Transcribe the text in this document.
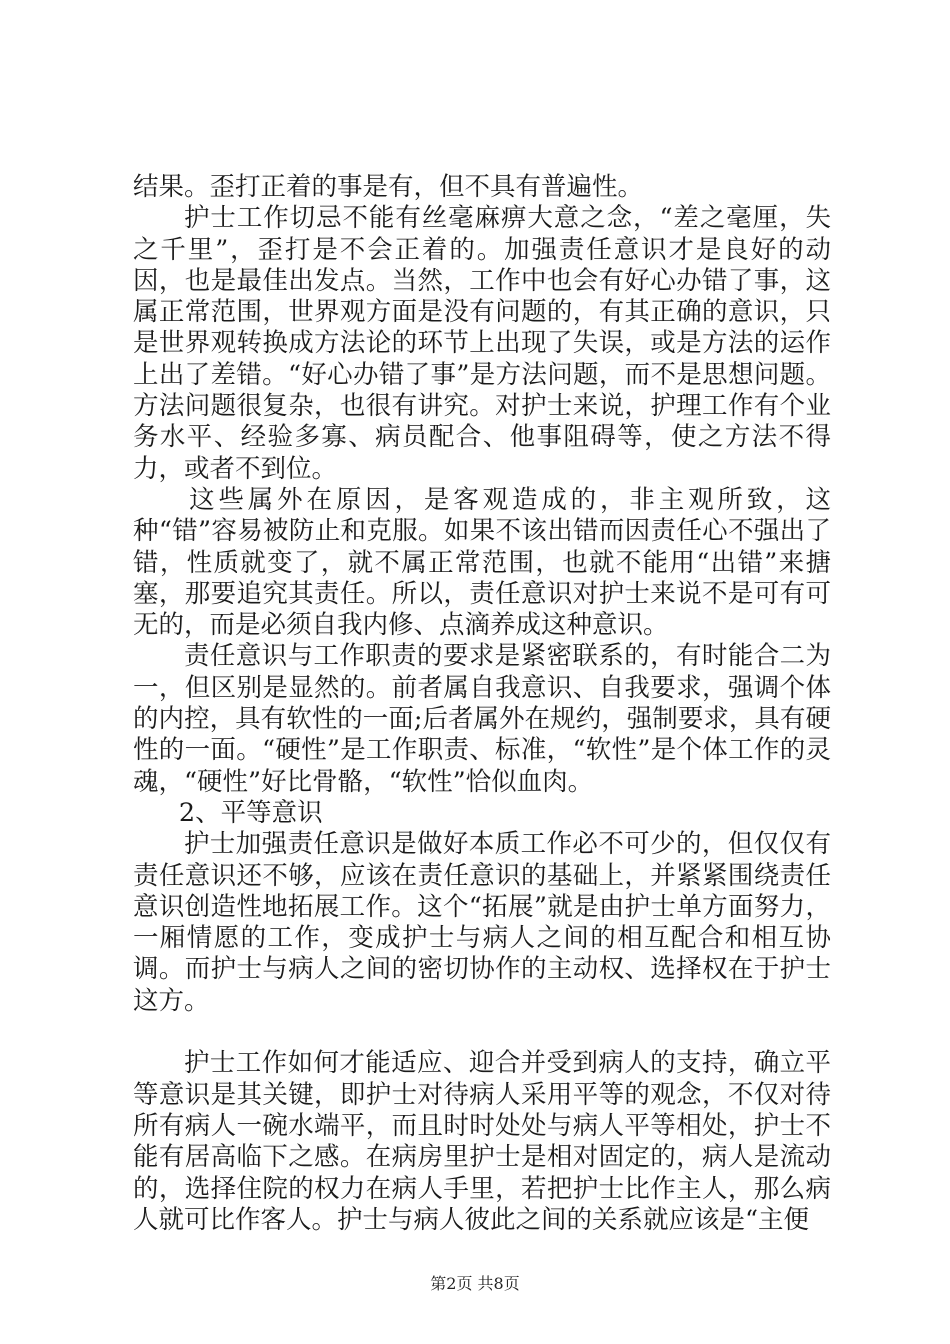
结果。歪打正着的事是有，但不具有普遍性。

护士工作切忌不能有丝毫麻痹大意之念，“差之毫厘，失之千里”，歪打是不会正着的。加强责任意识才是良好的动因，也是最佳出发点。当然，工作中也会有好心办错了事，这属正常范围，世界观方面是没有问题的，有其正确的意识，只是世界观转换成方法论的环节上出现了失误，或是方法的运作上出了差错。“好心办错了事”是方法问题，而不是思想问题。方法问题很复杂，也很有讲究。对护士来说，护理工作有个业务水平、经验多寡、病员配合、他事阻碍等，使之方法不得力，或者不到位。

这些属外在原因，是客观造成的，非主观所致，这种“错”容易被防止和克服。如果不该出错而因责任心不强出了错，性质就变了，就不属正常范围，也就不能用“出错”来搪塞，那要追究其责任。所以，责任意识对护士来说不是可有可无的，而是必须自我内修、点滴养成这种意识。

责任意识与工作职责的要求是紧密联系的，有时能合二为一，但区别是显然的。前者属自我意识、自我要求，强调个体的内控，具有软性的一面;后者属外在规约，强制要求，具有硬性的一面。“硬性”是工作职责、标准，“软性”是个体工作的灵魂，“硬性”好比骨骼，“软性”恰似血肉。

2、平等意识

护士加强责任意识是做好本质工作必不可少的，但仅仅有责任意识还不够，应该在责任意识的基础上，并紧紧围绕责任意识创造性地拓展工作。这个“拓展”就是由护士单方面努力，一厢情愿的工作，变成护士与病人之间的相互配合和相互协调。而护士与病人之间的密切协作的主动权、选择权在于护士这方。

护士工作如何才能适应、迎合并受到病人的支持，确立平等意识是其关键，即护士对待病人采用平等的观念，不仅对待所有病人一碗水端平，而且时时处处与病人平等相处，护士不能有居高临下之感。在病房里护士是相对固定的，病人是流动的，选择住院的权力在病人手里，若把护士比作主人，那么病人就可比作客人。护士与病人彼此之间的关系就应该是“主便

第2页 共8页
